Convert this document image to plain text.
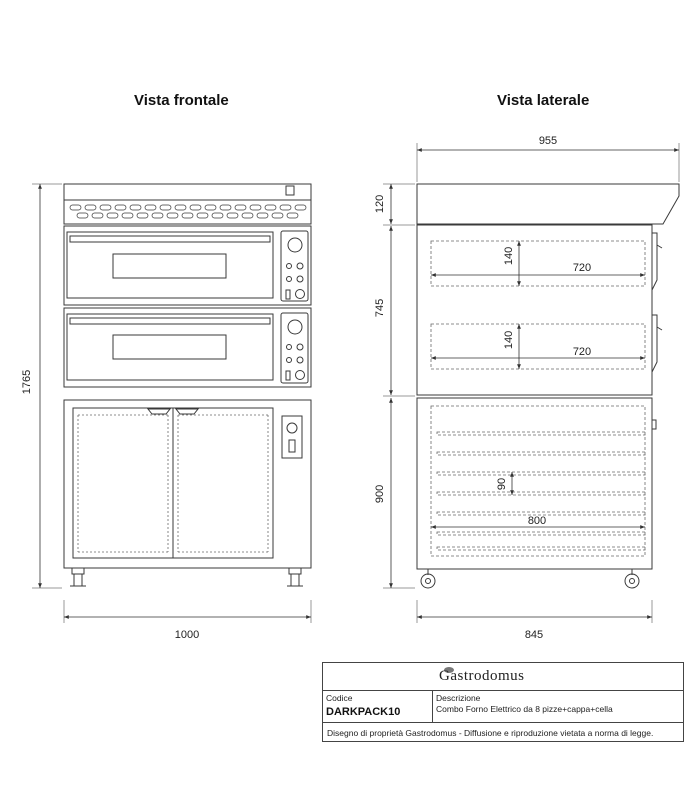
Vista frontale	Vista laterale
1765
1000
955
120
745
900
140
720
140
720
90
800
845
Gastrodomus
Codice
DARKPACK10
Descrizione
Combo Forno Elettrico da 8 pizze+cappa+cella
Disegno di proprietà Gastrodomus - Diffusione e riproduzione vietata a norma di legge.
